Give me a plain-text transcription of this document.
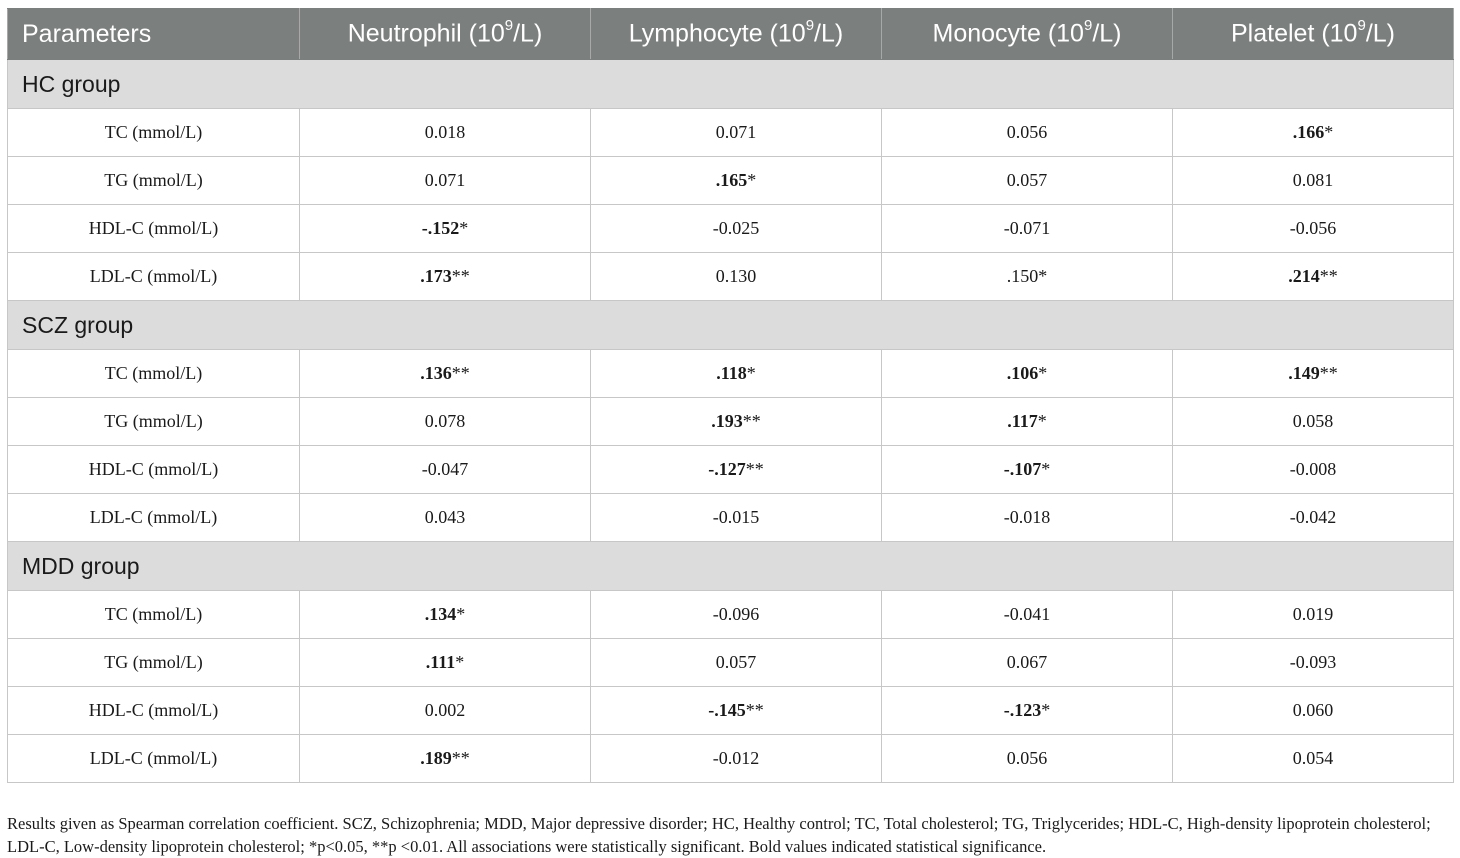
Parameters	Neutrophil $(10^9/L)$	Lymphocyte $(10^9/L)$	Monocyte $(10^9/L)$	Platelet $(10^9/L)$
HC group				
TC (mmol/L)	0.018	0.071	0.056	.166*
TG (mmol/L)	0.071	.165*	0.057	0.081
HDL-C (mmol/L)	-.152*	-0.025	-0.071	-0.056
LDL-C (mmol/L)	.173**	0.130	.150*	.214**
SCZ group				
TC (mmol/L)	.136**	.118*	.106*	.149**
TG (mmol/L)	0.078	.193**	.117*	0.058
HDL-C (mmol/L)	-0.047	-.127**	-.107*	-0.008
LDL-C (mmol/L)	0.043	-0.015	-0.018	-0.042
MDD group				
TC (mmol/L)	.134*	-0.096	-0.041	0.019
TG (mmol/L)	.111*	0.057	0.067	-0.093
HDL-C (mmol/L)	0.002	-.145**	-.123*	0.060
LDL-C (mmol/L)	.189**	-0.012	0.056	0.054

Results given as Spearman correlation coefficient. SCZ, Schizophrenia; MDD, Major depressive disorder; HC, Healthy control; TC, Total cholesterol; TG, Triglycerides; HDL-C, High-density lipoprotein cholesterol; LDL-C, Low-density lipoprotein cholesterol; *p<0.05, **p <0.01. All associations were statistically significant. Bold values indicated statistical significance.
